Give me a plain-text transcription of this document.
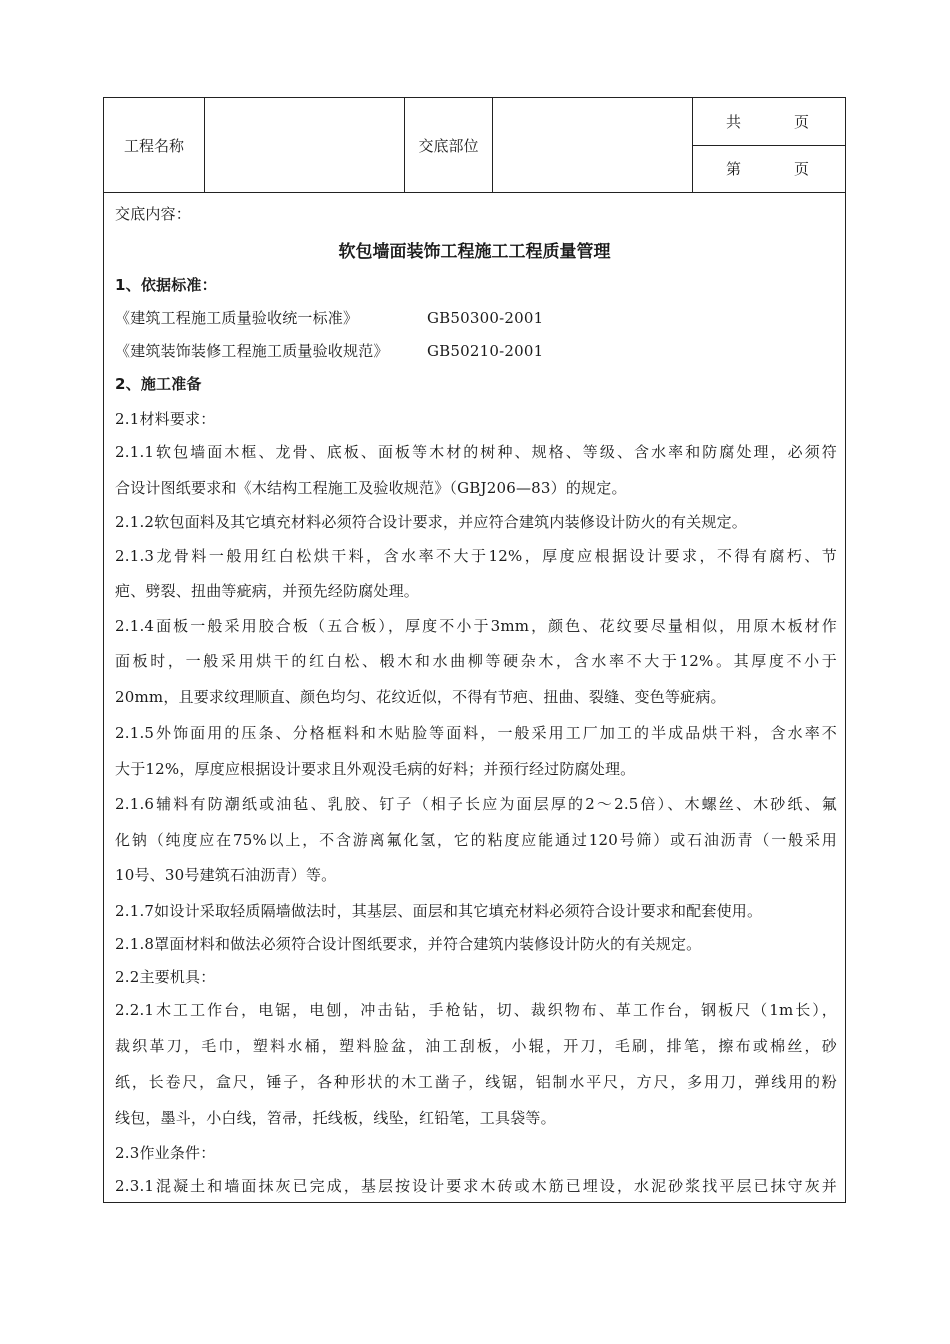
工程名称	交底部位
共	页
第	页
交底内容：
软包墙面装饰工程施工工程质量管理
1、依据标准：
《建筑工程施工质量验收统一标准》	GB50300-2001
《建筑装饰装修工程施工质量验收规范》	GB50210-2001
2、施工准备
2.1材料要求：
2.1.1软包墙面木框、龙骨、底板、面板等木材的树种、规格、等级、含水率和防腐处理，必须符
合设计图纸要求和《木结构工程施工及验收规范》（GBJ206—83）的规定。
2.1.2软包面料及其它填充材料必须符合设计要求，并应符合建筑内装修设计防火的有关规定。
2.1.3龙骨料一般用红白松烘干料，含水率不大于12%，厚度应根据设计要求，不得有腐朽、节
疤、劈裂、扭曲等疵病，并预先经防腐处理。
2.1.4面板一般采用胶合板（五合板），厚度不小于3mm，颜色、花纹要尽量相似，用原木板材作
面板时，一般采用烘干的红白松、椴木和水曲柳等硬杂木，含水率不大于12%。其厚度不小于
20mm，且要求纹理顺直、颜色均匀、花纹近似，不得有节疤、扭曲、裂缝、变色等疵病。
2.1.5外饰面用的压条、分格框料和木贴脸等面料，一般采用工厂加工的半成品烘干料，含水率不
大于12%，厚度应根据设计要求且外观没毛病的好料；并预行经过防腐处理。
2.1.6辅料有防潮纸或油毡、乳胶、钉子（相子长应为面层厚的2～2.5倍）、木螺丝、木砂纸、氟
化钠（纯度应在75%以上，不含游离氟化氢，它的粘度应能通过120号筛）或石油沥青（一般采用
10号、30号建筑石油沥青）等。
2.1.7如设计采取轻质隔墙做法时，其基层、面层和其它填充材料必须符合设计要求和配套使用。
2.1.8罩面材料和做法必须符合设计图纸要求，并符合建筑内装修设计防火的有关规定。
2.2主要机具：
2.2.1木工工作台，电锯，电刨，冲击钻，手枪钻，切、裁织物布、革工作台，钢板尺（1m长），
裁织革刀，毛巾，塑料水桶，塑料脸盆，油工刮板，小辊，开刀，毛刷，排笔，擦布或棉丝，砂
纸，长卷尺，盒尺，锤子，各种形状的木工凿子，线锯，铝制水平尺，方尺，多用刀，弹线用的粉
线包，墨斗，小白线，笤帚，托线板，线坠，红铅笔，工具袋等。
2.3作业条件：
2.3.1混凝土和墙面抹灰已完成，基层按设计要求木砖或木筋已埋设，水泥砂浆找平层已抹守灰并
